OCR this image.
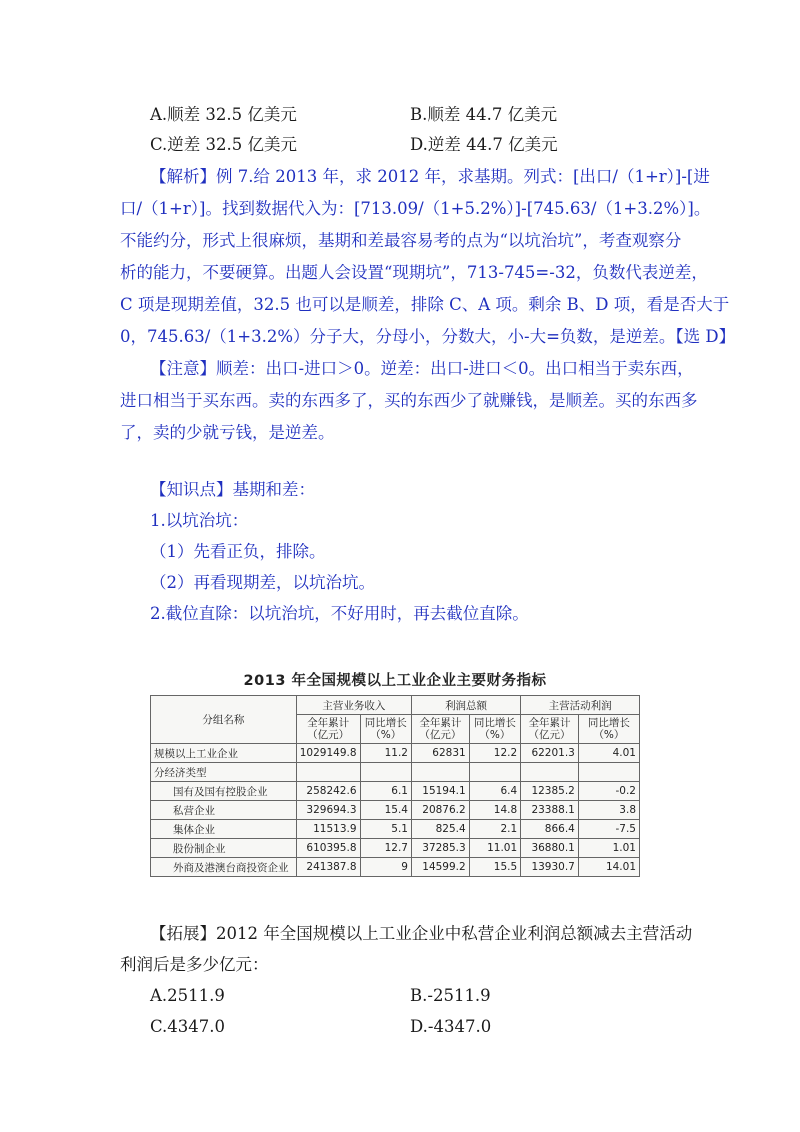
A.顺差 32.5 亿美元	B.顺差 44.7 亿美元
C.逆差 32.5 亿美元	D.逆差 44.7 亿美元
【解析】例 7.给 2013 年，求 2012 年，求基期。列式：[出口/（1+r）]-[进
口/（1+r）]。找到数据代入为：[713.09/（1+5.2%）]-[745.63/（1+3.2%）]。
不能约分，形式上很麻烦，基期和差最容易考的点为“以坑治坑”，考查观察分
析的能力，不要硬算。出题人会设置“现期坑”，713-745=-32，负数代表逆差，
C 项是现期差值，32.5 也可以是顺差，排除 C、A 项。剩余 B、D 项，看是否大于
0，745.63/（1+3.2%）分子大，分母小，分数大，小-大=负数，是逆差。【选 D】
【注意】顺差：出口-进口＞0。逆差：出口-进口＜0。出口相当于卖东西，
进口相当于买东西。卖的东西多了，买的东西少了就赚钱，是顺差。买的东西多
了，卖的少就亏钱，是逆差。
【知识点】基期和差：
1.以坑治坑：
（1）先看正负，排除。
（2）再看现期差，以坑治坑。
2.截位直除：以坑治坑，不好用时，再去截位直除。
2013 年全国规模以上工业企业主要财务指标
分组名称	主营业务收入		利润总额		主营活动利润	
	全年累计（亿元）	同比增长（%）	全年累计（亿元）	同比增长（%）	全年累计（亿元）	同比增长（%）
规模以上工业企业	1029149.8	11.2	62831	12.2	62201.3	4.01
分经济类型						
国有及国有控股企业	258242.6	6.1	15194.1	6.4	12385.2	-0.2
私营企业	329694.3	15.4	20876.2	14.8	23388.1	3.8
集体企业	11513.9	5.1	825.4	2.1	866.4	-7.5
股份制企业	610395.8	12.7	37285.3	11.01	36880.1	1.01
外商及港澳台商投资企业	241387.8	9	14599.2	15.5	13930.7	14.01
【拓展】2012 年全国规模以上工业企业中私营企业利润总额减去主营活动
利润后是多少亿元：
A.2511.9	B.-2511.9
C.4347.0	D.-4347.0
